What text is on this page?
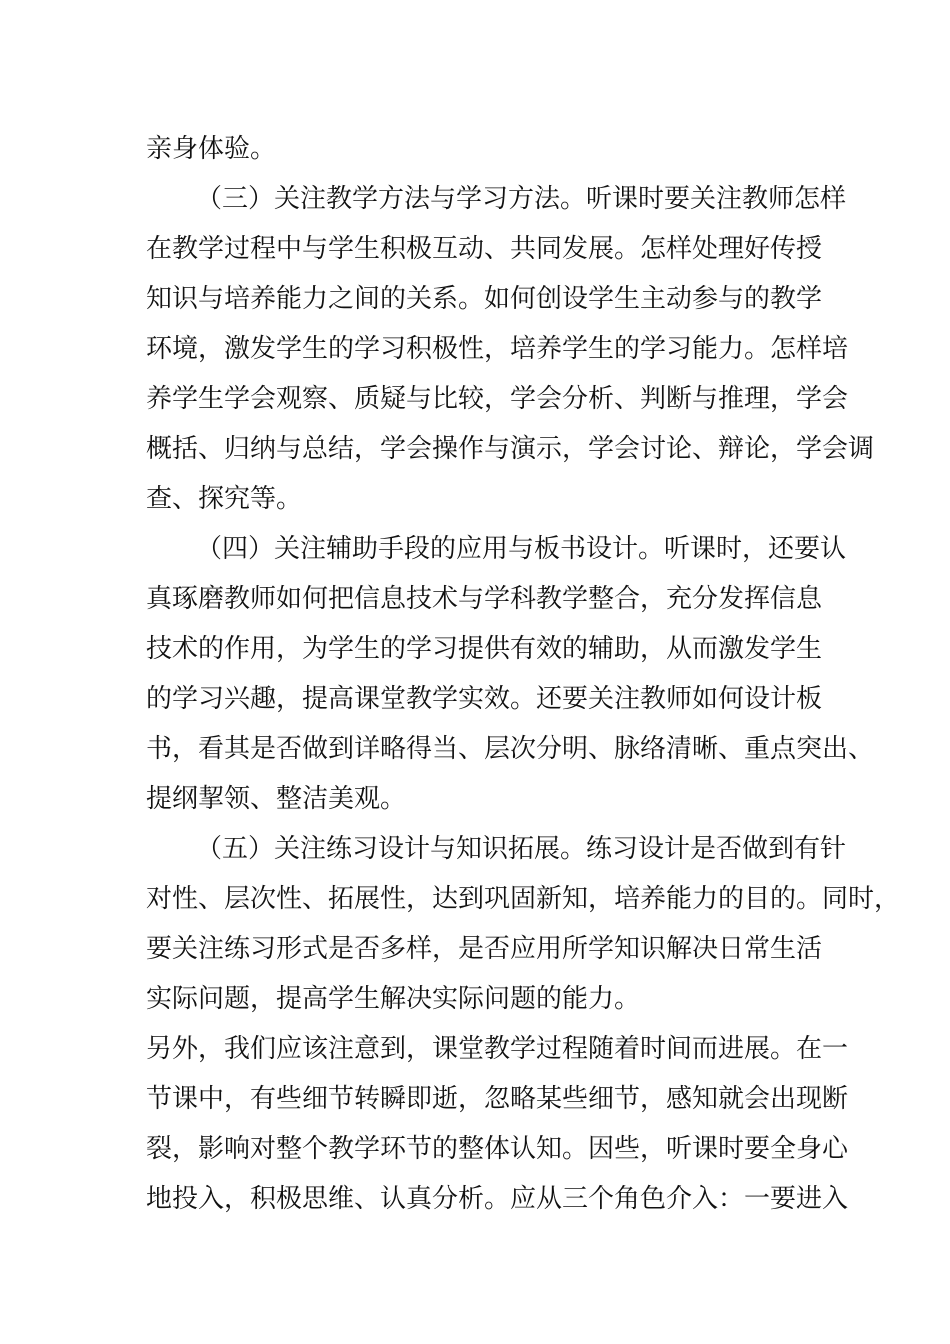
亲身体验。
（三）关注教学方法与学习方法。听课时要关注教师怎样
在教学过程中与学生积极互动、共同发展。怎样处理好传授
知识与培养能力之间的关系。如何创设学生主动参与的教学
环境，激发学生的学习积极性，培养学生的学习能力。怎样培
养学生学会观察、质疑与比较，学会分析、判断与推理，学会
概括、归纳与总结，学会操作与演示，学会讨论、辩论，学会调
查、探究等。
（四）关注辅助手段的应用与板书设计。听课时，还要认
真琢磨教师如何把信息技术与学科教学整合，充分发挥信息
技术的作用，为学生的学习提供有效的辅助，从而激发学生
的学习兴趣，提高课堂教学实效。还要关注教师如何设计板
书，看其是否做到详略得当、层次分明、脉络清晰、重点突出、
提纲挈领、整洁美观。
（五）关注练习设计与知识拓展。练习设计是否做到有针
对性、层次性、拓展性，达到巩固新知，培养能力的目的。同时，
要关注练习形式是否多样，是否应用所学知识解决日常生活
实际问题，提高学生解决实际问题的能力。
另外，我们应该注意到，课堂教学过程随着时间而进展。在一
节课中，有些细节转瞬即逝，忽略某些细节，感知就会出现断
裂，影响对整个教学环节的整体认知。因些，听课时要全身心
地投入，积极思维、认真分析。应从三个角色介入：一要进入
